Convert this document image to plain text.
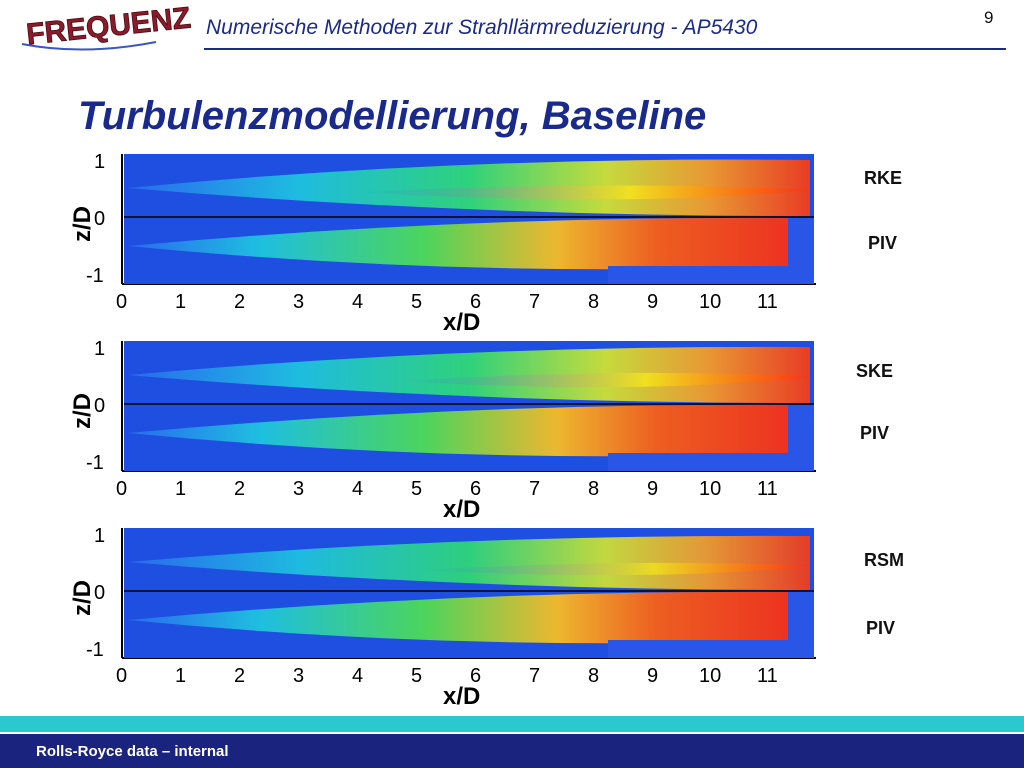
FREQUENZ Numerische Methoden zur Strahllärmreduzierung - AP5430	9
Turbulenzmodellierung, Baseline
1
0
-1
z/D
0 1 2 3 4 5 6 7 8 9 10 11
x/D
1
0
-1
z/D
0 1 2 3 4 5 6 7 8 9 10 11
x/D
1
0
-1
z/D
0 1 2 3 4 5 6 7 8 9 10 11
x/D
RKE
PIV
SKE
PIV
RSM
PIV
Rolls-Royce data – internal
